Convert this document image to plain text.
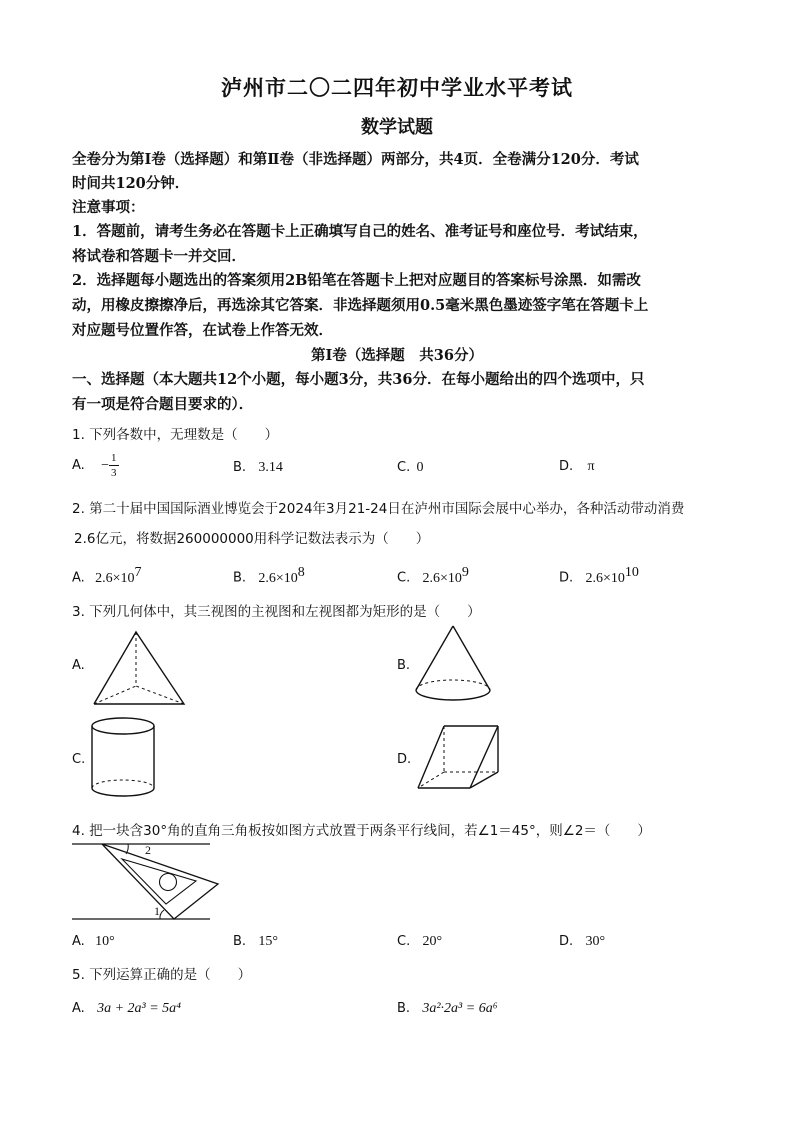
泸州市二〇二四年初中学业水平考试
数学试题
全卷分为第Ⅰ卷（选择题）和第Ⅱ卷（非选择题）两部分，共4页．全卷满分120分．考试
时间共120分钟．
注意事项：
1．答题前，请考生务必在答题卡上正确填写自己的姓名、准考证号和座位号．考试结束，
将试卷和答题卡一并交回．
2．选择题每小题选出的答案须用2B铅笔在答题卡上把对应题目的答案标号涂黑．如需改
动，用橡皮擦擦净后，再选涂其它答案．非选择题须用0.5毫米黑色墨迹签字笔在答题卡上
对应题号位置作答，在试卷上作答无效．
第Ⅰ卷（选择题　共36分）
一、选择题（本大题共12个小题，每小题3分，共36分．在每小题给出的四个选项中，只
有一项是符合题目要求的）．
1. 下列各数中，无理数是（　　）
A. − $\frac{1}{3}$	B. 3.14	C. 0	D. π
2. 第二十届中国国际酒业博览会于2024年3月21-24日在泸州市国际会展中心举办，各种活动带动消费
2.6亿元，将数据260000000用科学记数法表示为（　　）
A. $2.6\times 10^7$	B. $2.6\times 10^8$	C. $2.6\times 10^9$	D. $2.6\times 10^{10}$
3. 下列几何体中，其三视图的主视图和左视图都为矩形的是（　　）
A.	B.
C.	D.
4. 把一块含30°角的直角三角板按如图方式放置于两条平行线间，若∠1＝45°，则∠2＝（　　）
2
1
A. 10°	B. 15°	C. 20°	D. 30°
5. 下列运算正确的是（　　）
A. 3a + 2a³ = 5a⁴	B. 3a²·2a³ = 6a⁶
